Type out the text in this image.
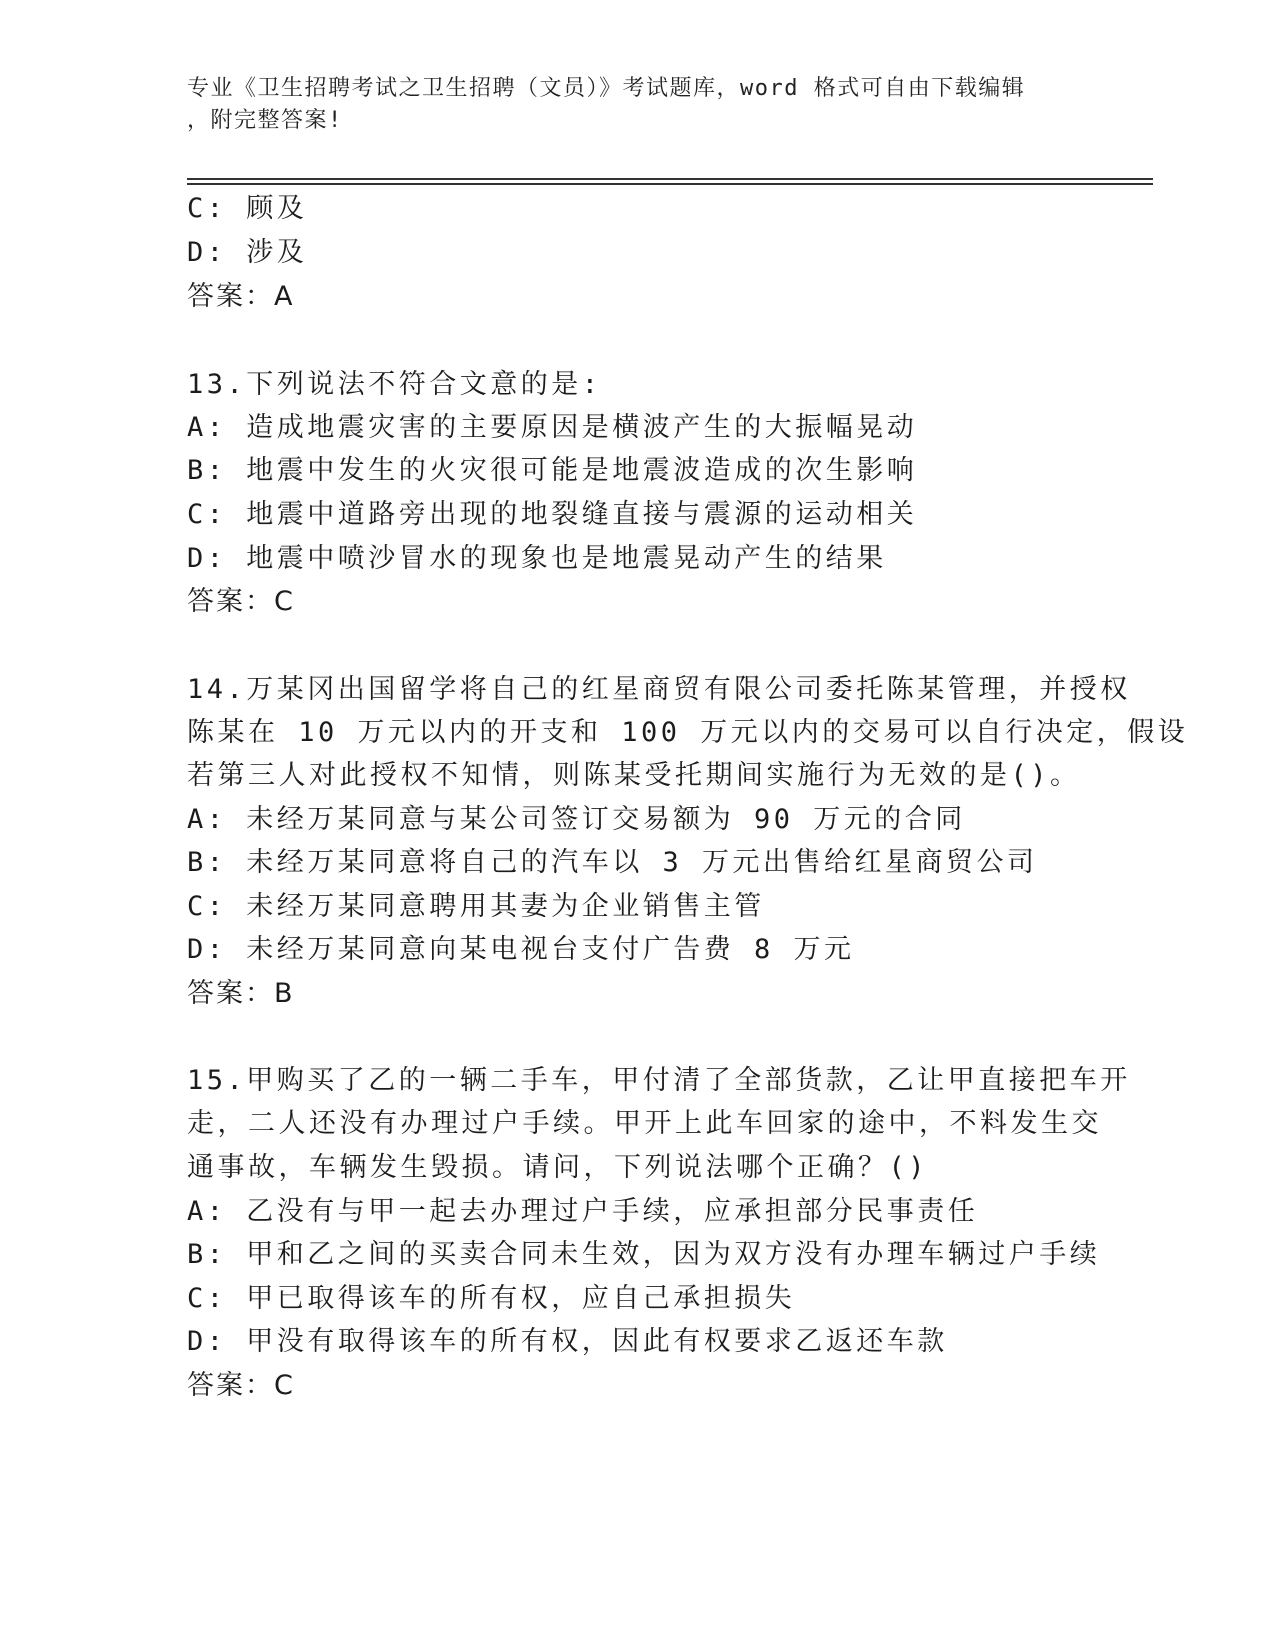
专业《卫生招聘考试之卫生招聘（文员）》考试题库，word 格式可自由下载编辑
，附完整答案!
C: 顾及
D: 涉及
答案：A
13.下列说法不符合文意的是:
A: 造成地震灾害的主要原因是横波产生的大振幅晃动
B: 地震中发生的火灾很可能是地震波造成的次生影响
C: 地震中道路旁出现的地裂缝直接与震源的运动相关
D: 地震中喷沙冒水的现象也是地震晃动产生的结果
答案：C
14.万某冈出国留学将自己的红星商贸有限公司委托陈某管理，并授权
陈某在 10 万元以内的开支和 100 万元以内的交易可以自行决定，假设
若第三人对此授权不知情，则陈某受托期间实施行为无效的是()。
A: 未经万某同意与某公司签订交易额为 90 万元的合同
B: 未经万某同意将自己的汽车以 3 万元出售给红星商贸公司
C: 未经万某同意聘用其妻为企业销售主管
D: 未经万某同意向某电视台支付广告费 8 万元
答案：B
15.甲购买了乙的一辆二手车，甲付清了全部货款，乙让甲直接把车开
走，二人还没有办理过户手续。甲开上此车回家的途中，不料发生交
通事故，车辆发生毁损。请问，下列说法哪个正确？()
A: 乙没有与甲一起去办理过户手续，应承担部分民事责任
B: 甲和乙之间的买卖合同未生效，因为双方没有办理车辆过户手续
C: 甲已取得该车的所有权，应自己承担损失
D: 甲没有取得该车的所有权，因此有权要求乙返还车款
答案：C
